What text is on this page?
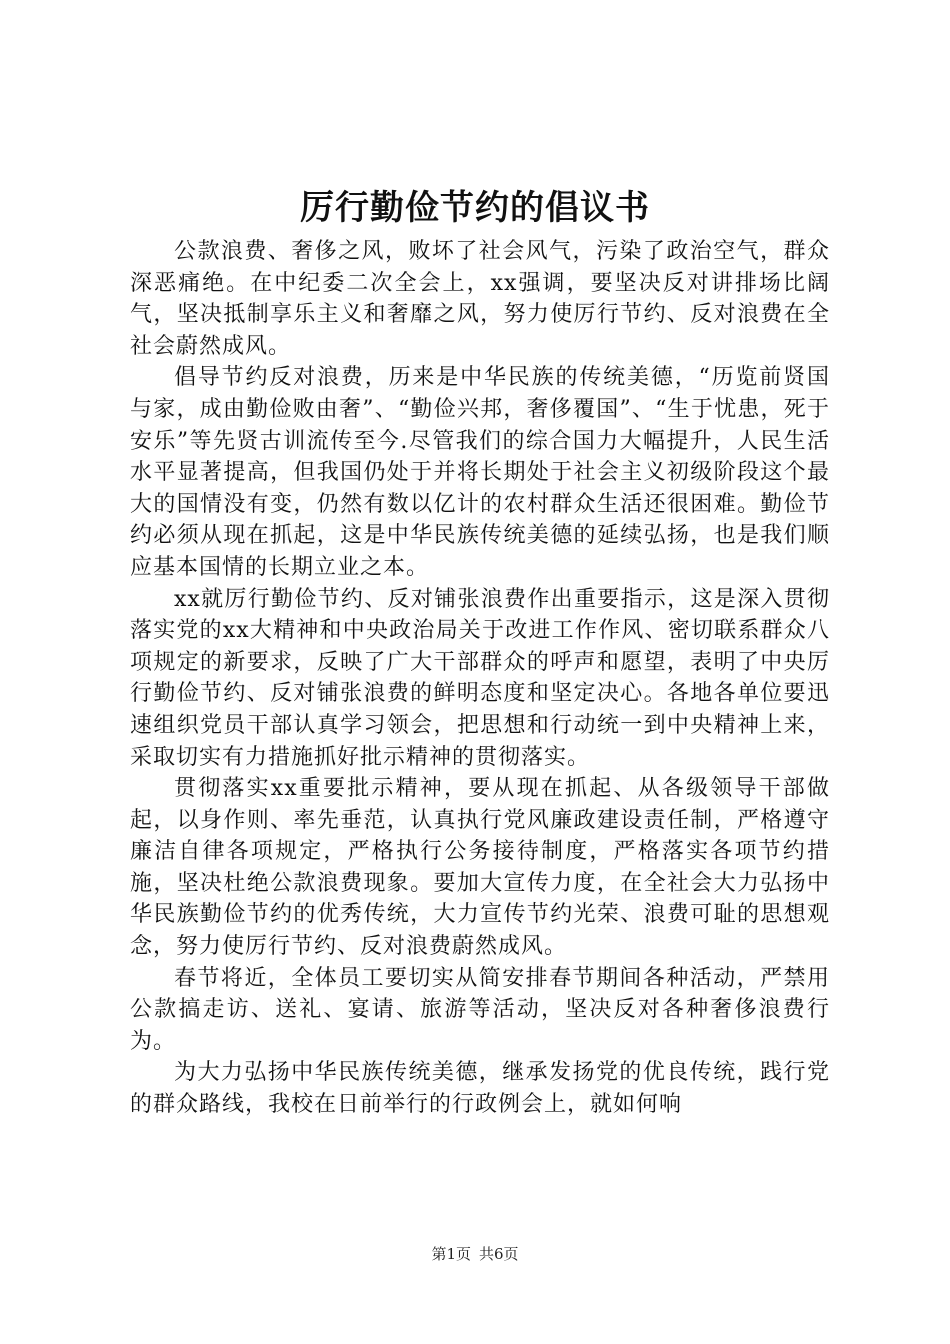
厉行勤俭节约的倡议书

公款浪费、奢侈之风，败坏了社会风气，污染了政治空气，群众深恶痛绝。在中纪委二次全会上，xx强调，要坚决反对讲排场比阔气，坚决抵制享乐主义和奢靡之风，努力使厉行节约、反对浪费在全社会蔚然成风。

倡导节约反对浪费，历来是中华民族的传统美德，“历览前贤国与家，成由勤俭败由奢”、“勤俭兴邦，奢侈覆国”、“生于忧患，死于安乐”等先贤古训流传至今.尽管我们的综合国力大幅提升，人民生活水平显著提高，但我国仍处于并将长期处于社会主义初级阶段这个最大的国情没有变，仍然有数以亿计的农村群众生活还很困难。勤俭节约必须从现在抓起，这是中华民族传统美德的延续弘扬，也是我们顺应基本国情的长期立业之本。

xx就厉行勤俭节约、反对铺张浪费作出重要指示，这是深入贯彻落实党的xx大精神和中央政治局关于改进工作作风、密切联系群众八项规定的新要求，反映了广大干部群众的呼声和愿望，表明了中央厉行勤俭节约、反对铺张浪费的鲜明态度和坚定决心。各地各单位要迅速组织党员干部认真学习领会，把思想和行动统一到中央精神上来，采取切实有力措施抓好批示精神的贯彻落实。

贯彻落实xx重要批示精神，要从现在抓起、从各级领导干部做起，以身作则、率先垂范，认真执行党风廉政建设责任制，严格遵守廉洁自律各项规定，严格执行公务接待制度，严格落实各项节约措施，坚决杜绝公款浪费现象。要加大宣传力度，在全社会大力弘扬中华民族勤俭节约的优秀传统，大力宣传节约光荣、浪费可耻的思想观念，努力使厉行节约、反对浪费蔚然成风。

春节将近，全体员工要切实从简安排春节期间各种活动，严禁用公款搞走访、送礼、宴请、旅游等活动，坚决反对各种奢侈浪费行为。

为大力弘扬中华民族传统美德，继承发扬党的优良传统，践行党的群众路线，我校在日前举行的行政例会上，就如何响

第1页 共6页
